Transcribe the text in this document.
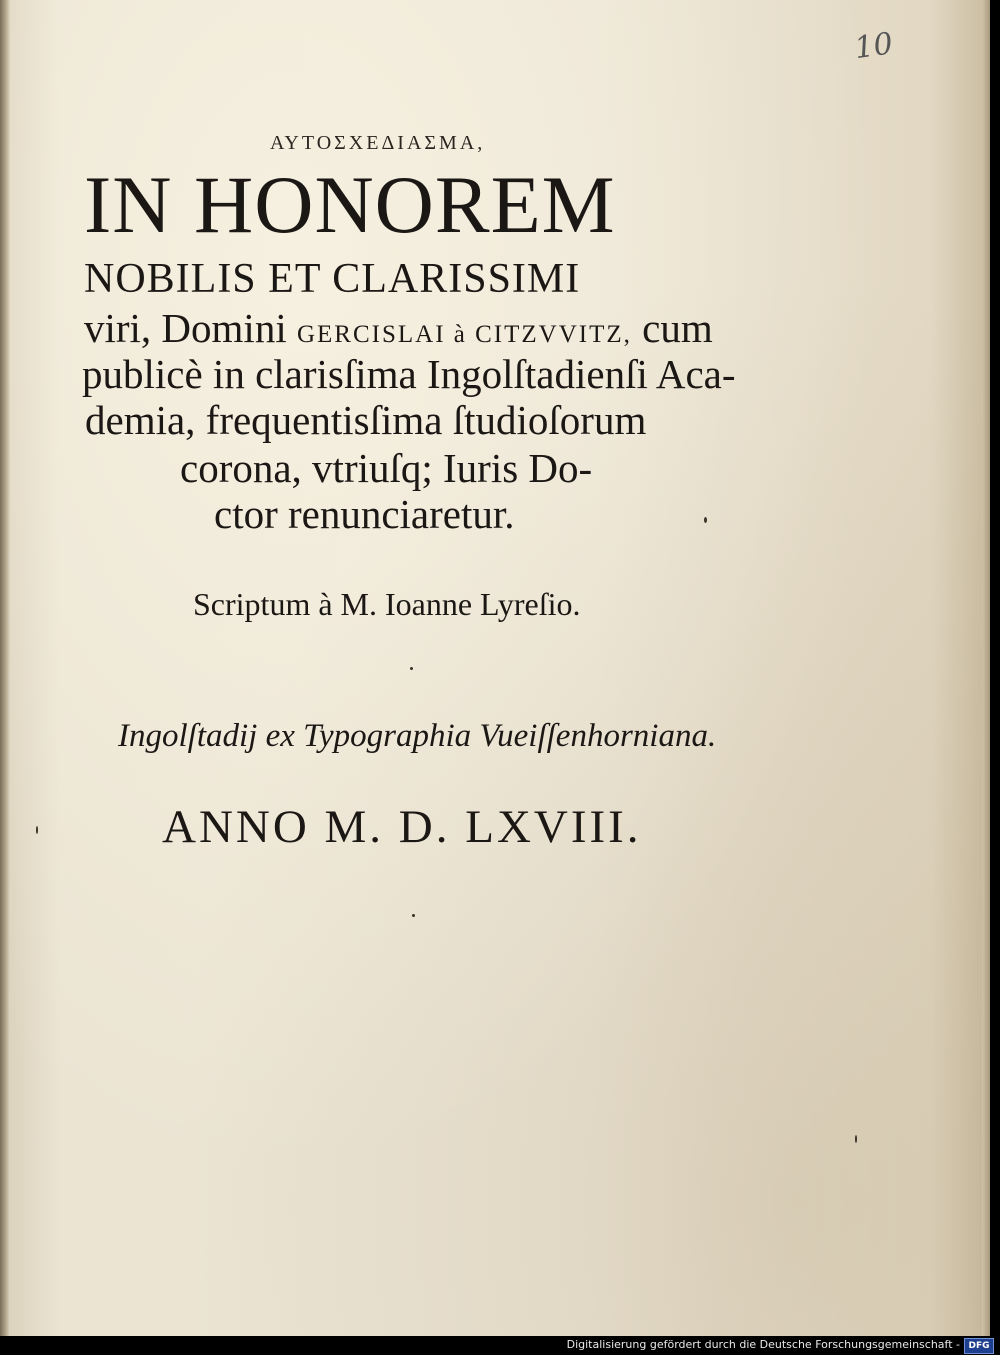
10
ΑΥΤΟΣΧΕΔΙΑΣΜΑ,
IN HONOREM
NOBILIS ET CLARISSIMI
viri, Domini GERCISLAI à CITZVVITZ, cum
publicè in clarisſima Ingolſtadienſi Aca-
demia, frequentisſima ſtudioſorum
corona, vtriuſq; Iuris Do-
ctor renunciaretur.
Scriptum à M. Ioanne Lyreſio.
Ingolſtadij ex Typographia Vueiſſenhorniana.
ANNO M. D. LXVIII.
Digitalisierung gefördert durch die Deutsche Forschungsgemeinschaft - DFG
